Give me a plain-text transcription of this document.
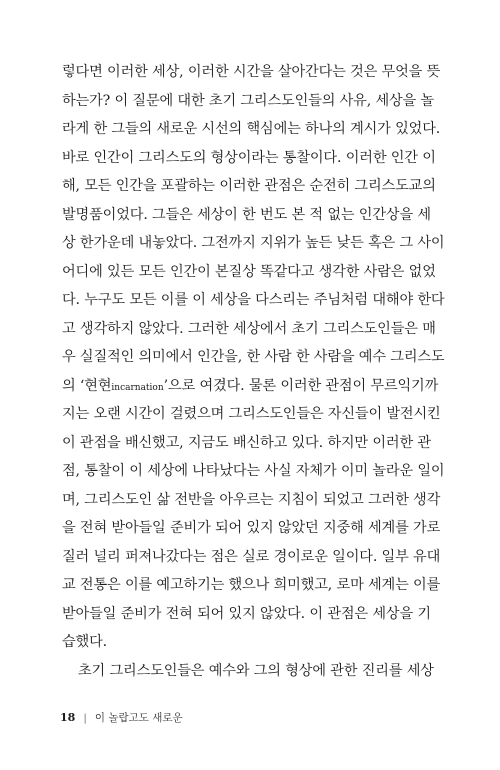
렇다면 이러한 세상, 이러한 시간을 살아간다는 것은 무엇을 뜻
하는가? 이 질문에 대한 초기 그리스도인들의 사유, 세상을 놀
라게 한 그들의 새로운 시선의 핵심에는 하나의 계시가 있었다.
바로 인간이 그리스도의 형상이라는 통찰이다. 이러한 인간 이
해, 모든 인간을 포괄하는 이러한 관점은 순전히 그리스도교의
발명품이었다. 그들은 세상이 한 번도 본 적 없는 인간상을 세
상 한가운데 내놓았다. 그전까지 지위가 높든 낮든 혹은 그 사이
어디에 있든 모든 인간이 본질상 똑같다고 생각한 사람은 없었
다. 누구도 모든 이를 이 세상을 다스리는 주님처럼 대해야 한다
고 생각하지 않았다. 그러한 세상에서 초기 그리스도인들은 매
우 실질적인 의미에서 인간을, 한 사람 한 사람을 예수 그리스도
의 ‘현현incarnation’으로 여겼다. 물론 이러한 관점이 무르익기까
지는 오랜 시간이 걸렸으며 그리스도인들은 자신들이 발전시킨
이 관점을 배신했고, 지금도 배신하고 있다. 하지만 이러한 관
점, 통찰이 이 세상에 나타났다는 사실 자체가 이미 놀라운 일이
며, 그리스도인 삶 전반을 아우르는 지침이 되었고 그러한 생각
을 전혀 받아들일 준비가 되어 있지 않았던 지중해 세계를 가로
질러 널리 퍼져나갔다는 점은 실로 경이로운 일이다. 일부 유대
교 전통은 이를 예고하기는 했으나 희미했고, 로마 세계는 이를
받아들일 준비가 전혀 되어 있지 않았다. 이 관점은 세상을 기
습했다.
초기 그리스도인들은 예수와 그의 형상에 관한 진리를 세상
18 | 이 놀랍고도 새로운
